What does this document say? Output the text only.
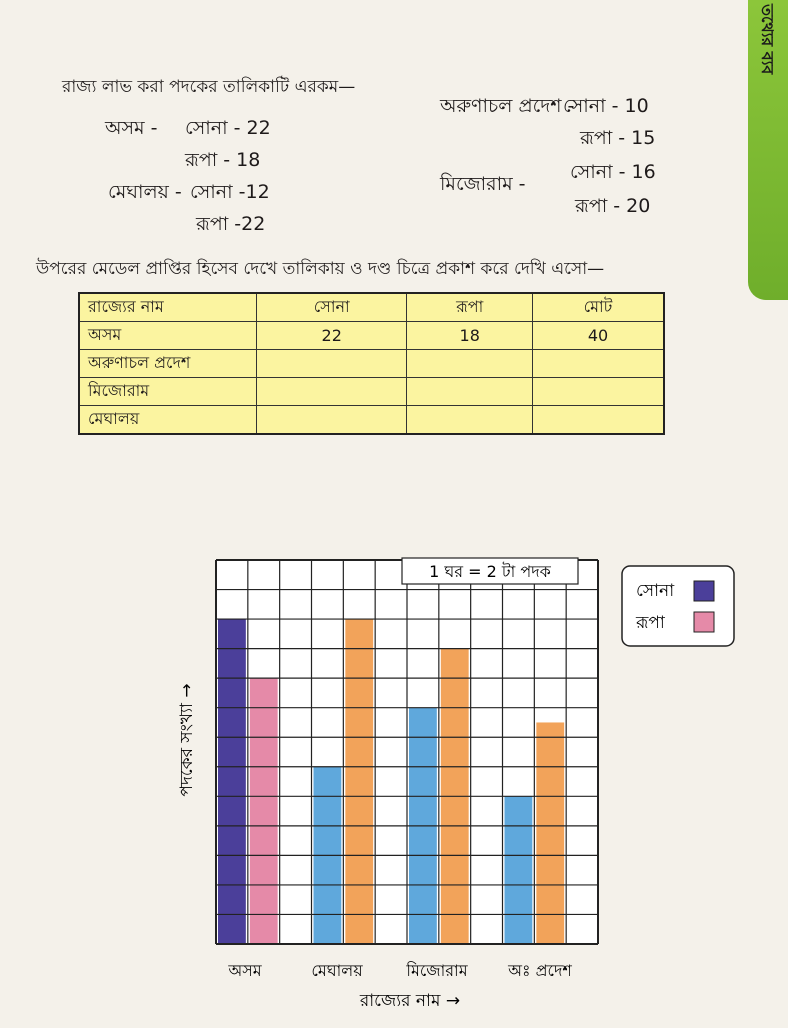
তথ্যের ব্যব
রাজ্য লাভ করা পদকের তালিকাটি এরকম—
অসম - সোনা - 22
রূপা - 18
মেঘালয় - সোনা -12
রূপা -22
অরুণাচল প্রদেশ -
সোনা - 10
রূপা - 15
মিজোরাম -
সোনা - 16
রূপা - 20
উপরের মেডেল প্রাপ্তির হিসেব দেখে তালিকায় ও দণ্ড চিত্রে প্রকাশ করে দেখি এসো—
রাজ্যের নাম	সোনা	রূপা	মোট
অসম	22	18	40
অরুণাচল প্রদেশ			
মিজোরাম			
মেঘালয়			
1 ঘর = 2 টা পদক
সোনা
রূপা
পদকের সংখ্যা →
রাজ্যের নাম →
অসম	মেঘালয়	মিজোরাম	অঃ প্রদেশ
